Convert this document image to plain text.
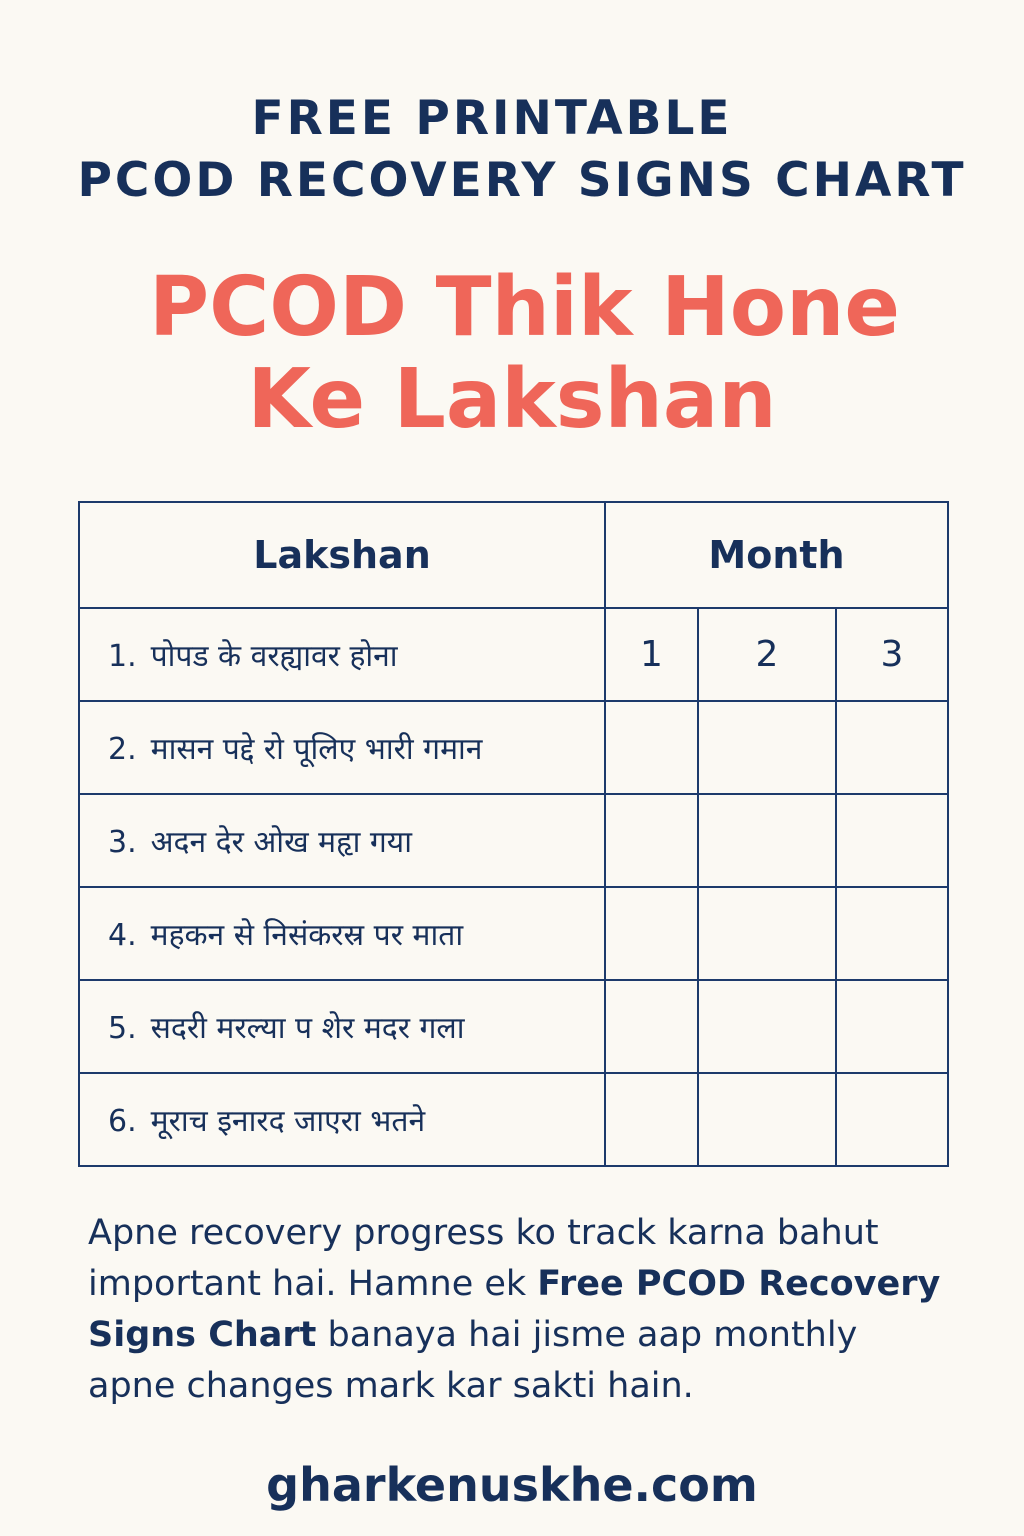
FREE PRINTABLE
PCOD RECOVERY SIGNS CHART
PCOD Thik Hone
Ke Lakshan
Lakshan	Month		
1. पोपड के वरह्यावर होना	1	2	3
2. मासन पद्दे रो पूलिए भारी गमान			
3. अदन देर ओख महृा गया			
4. महकन से निसंकरस्र पर माता			
5. सदरी मरल्या प शेर मदर गला			
6. मूराच इनारद जाएरा भतने			
Apne recovery progress ko track karna bahut important hai. Hamne ek Free PCOD Recovery Signs Chart banaya hai jisme aap monthly apne changes mark kar sakti hain.
gharkenuskhe.com
